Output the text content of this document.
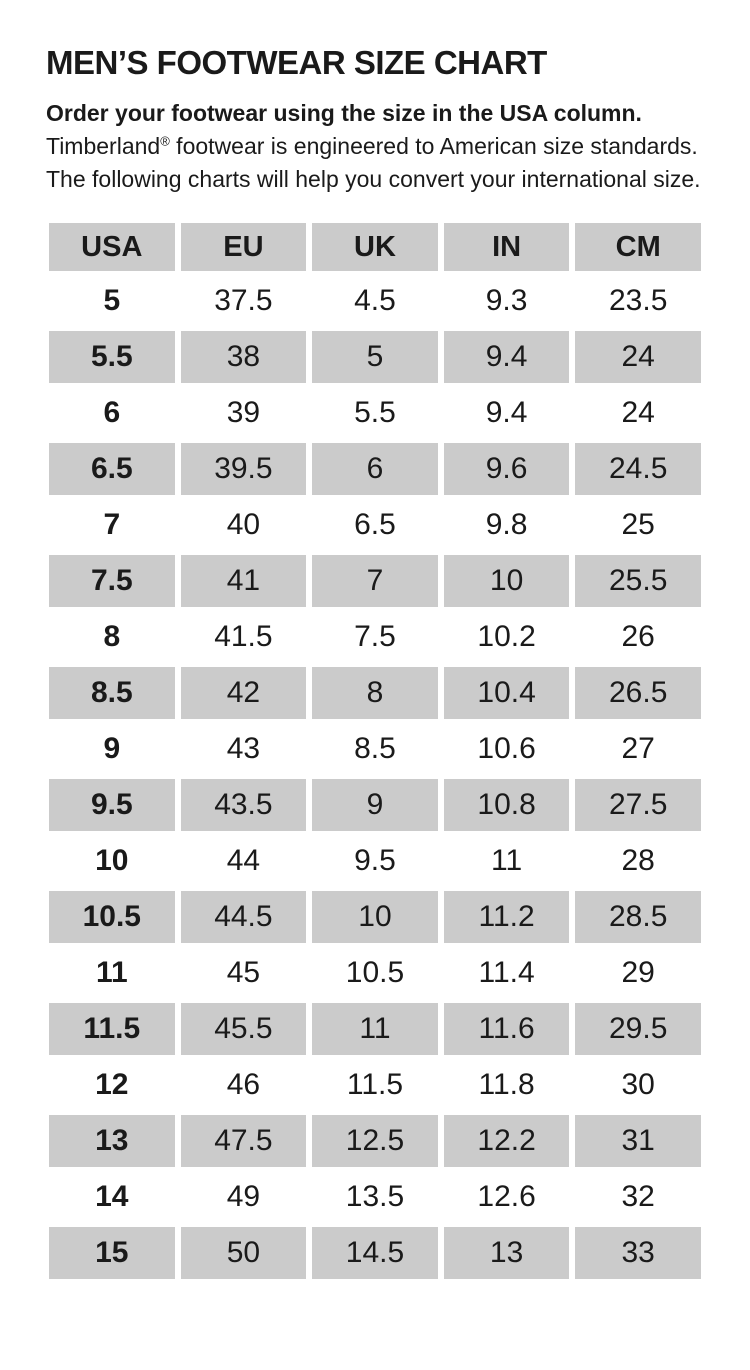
MEN’S FOOTWEAR SIZE CHART

Order your footwear using the size in the USA column.
Timberland® footwear is engineered to American size standards. The following charts will help you convert your international size.

USA	EU	UK	IN	CM
5	37.5	4.5	9.3	23.5
5.5	38	5	9.4	24
6	39	5.5	9.4	24
6.5	39.5	6	9.6	24.5
7	40	6.5	9.8	25
7.5	41	7	10	25.5
8	41.5	7.5	10.2	26
8.5	42	8	10.4	26.5
9	43	8.5	10.6	27
9.5	43.5	9	10.8	27.5
10	44	9.5	11	28
10.5	44.5	10	11.2	28.5
11	45	10.5	11.4	29
11.5	45.5	11	11.6	29.5
12	46	11.5	11.8	30
13	47.5	12.5	12.2	31
14	49	13.5	12.6	32
15	50	14.5	13	33
